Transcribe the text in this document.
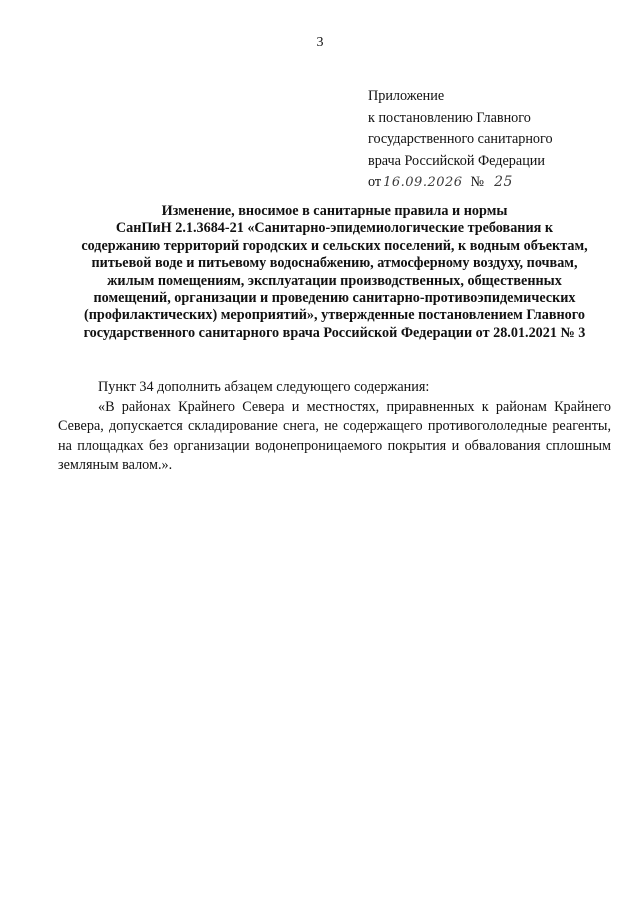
3
Приложение
к постановлению Главного
государственного санитарного
врача Российской Федерации
от 16.09.2026 № 25
Изменение, вносимое в санитарные правила и нормы
СанПиН 2.1.3684-21 «Санитарно-эпидемиологические требования к
содержанию территорий городских и сельских поселений, к водным объектам,
питьевой воде и питьевому водоснабжению, атмосферному воздуху, почвам,
жилым помещениям, эксплуатации производственных, общественных
помещений, организации и проведению санитарно-противоэпидемических
(профилактических) мероприятий», утвержденные постановлением Главного
государственного санитарного врача Российской Федерации от 28.01.2021 № 3
Пункт 34 дополнить абзацем следующего содержания:
«В районах Крайнего Севера и местностях, приравненных к районам Крайнего Севера, допускается складирование снега, не содержащего противогололедные реагенты, на площадках без организации водонепроницаемого покрытия и обвалования сплошным земляным валом.».
